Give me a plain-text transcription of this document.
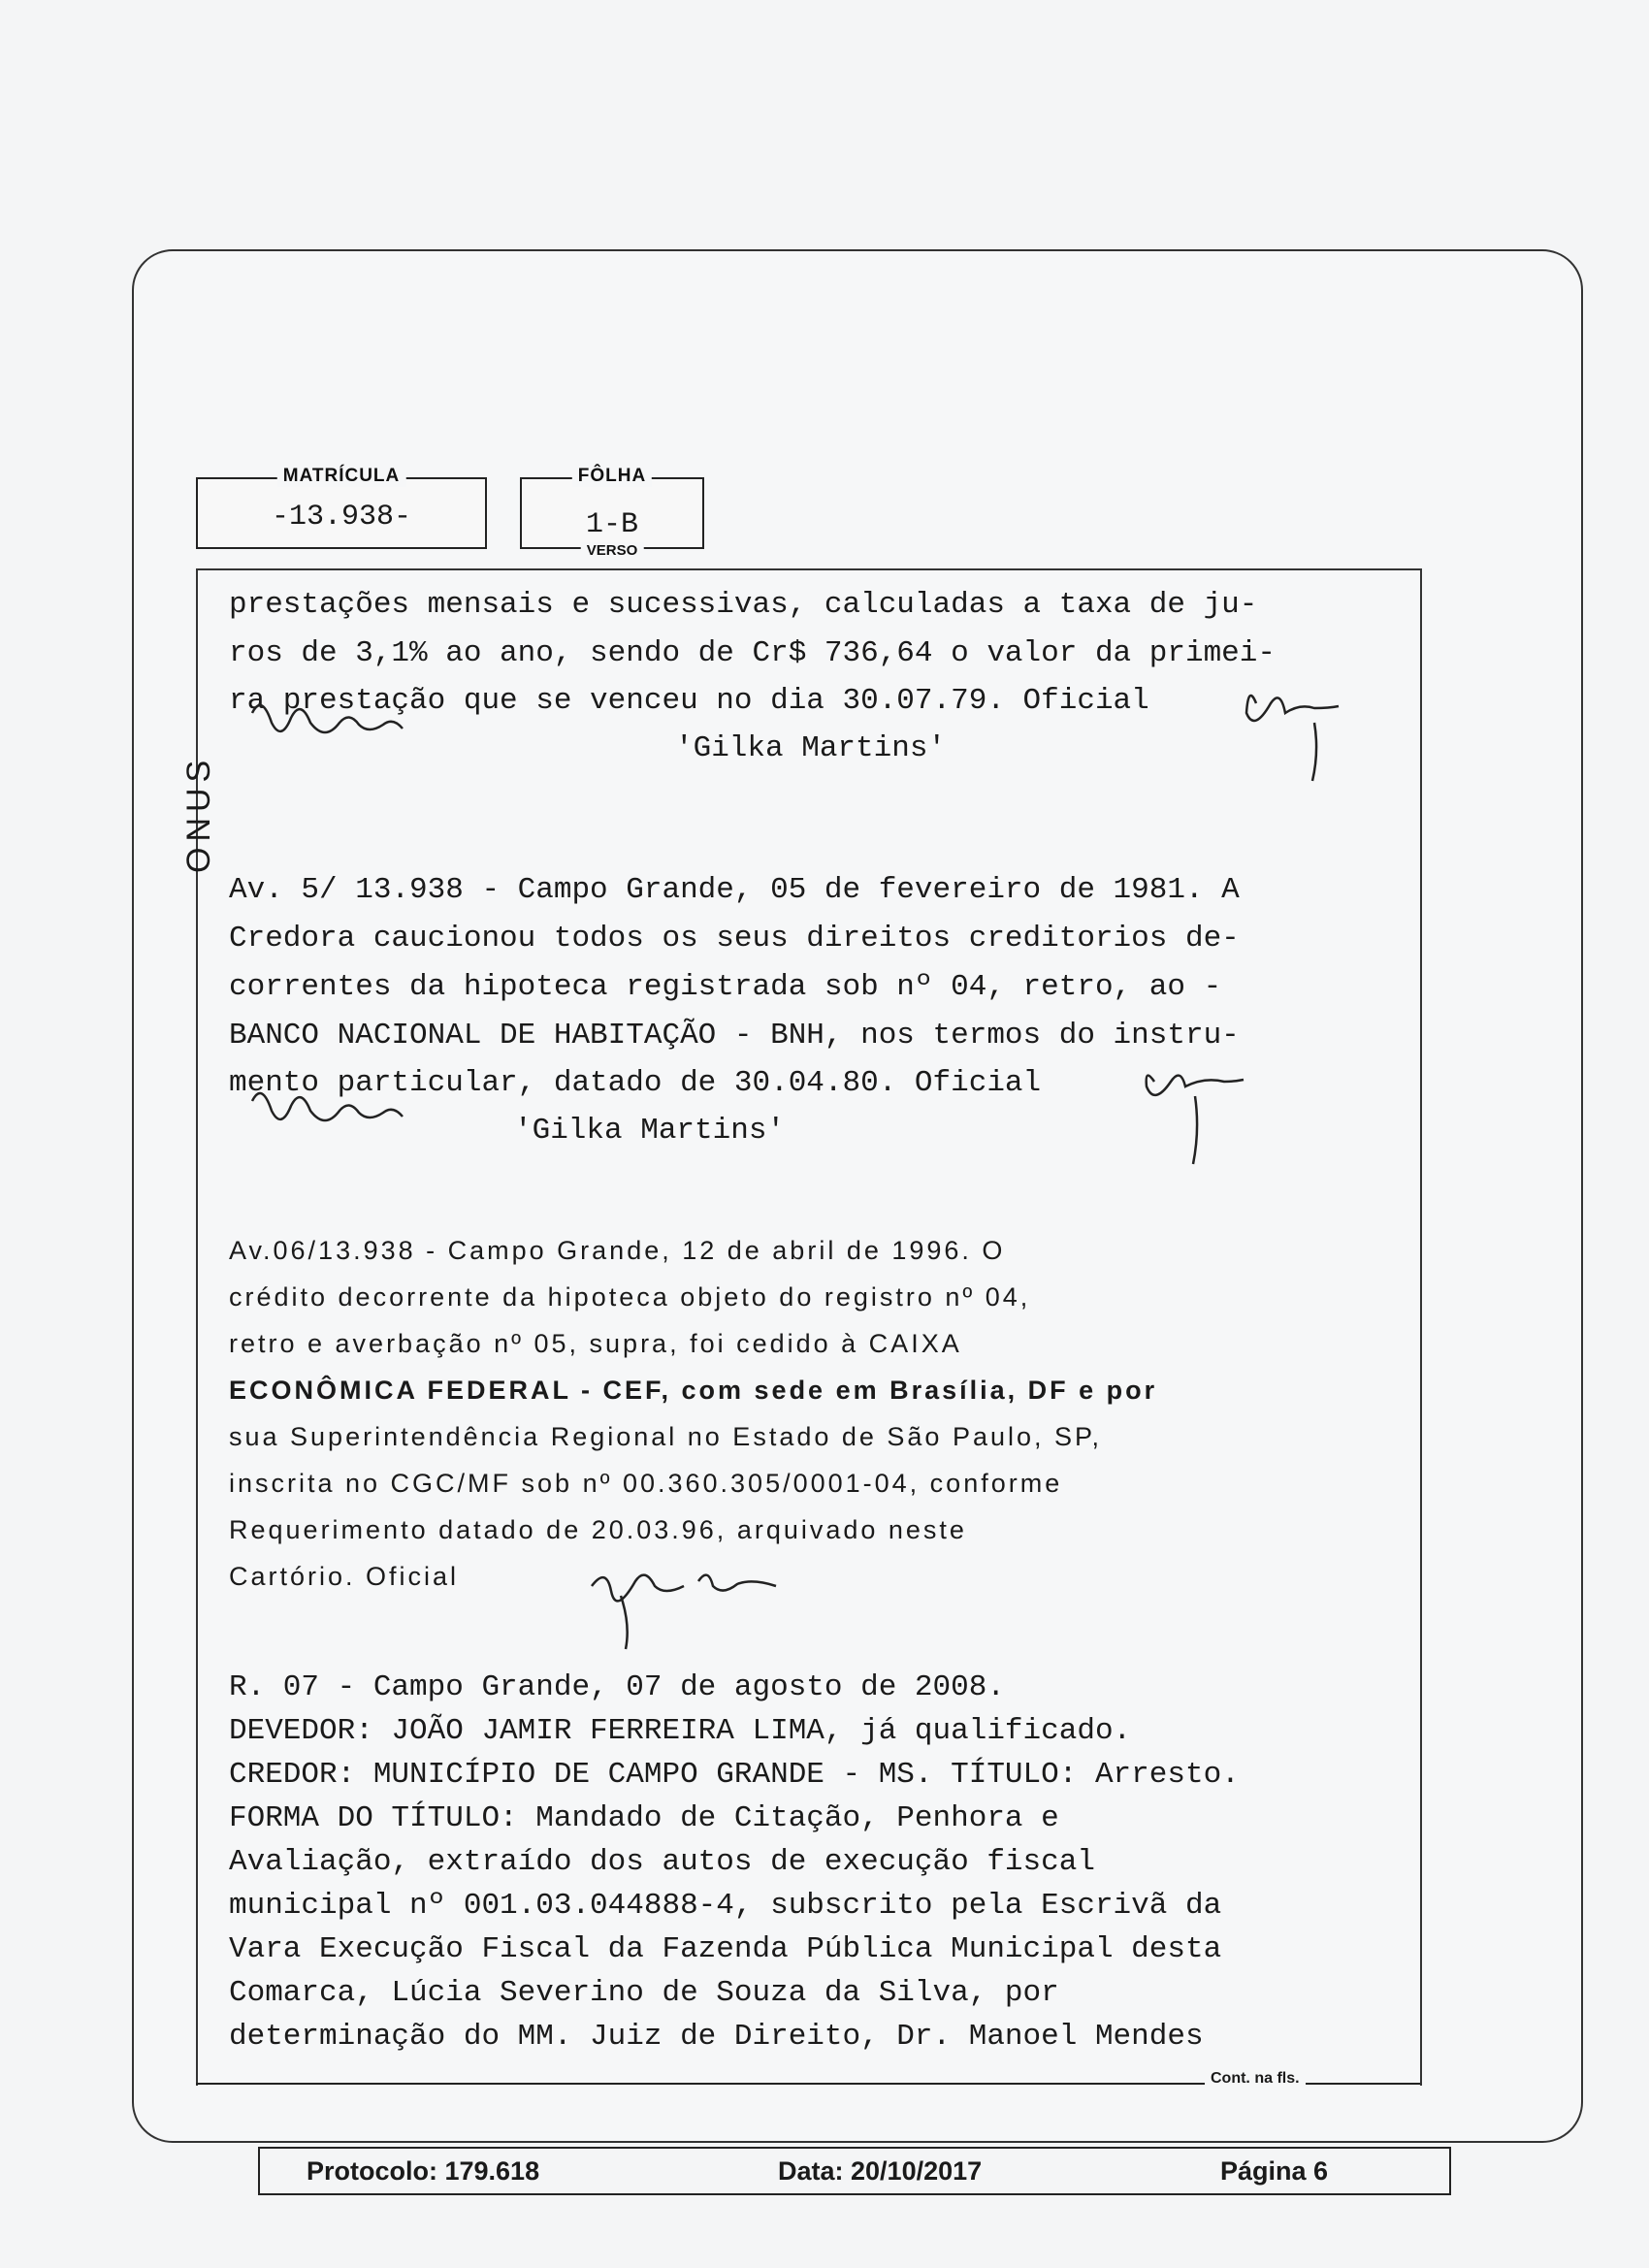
MATRÍCULA
-13.938-
FÔLHA
1-B
VERSO
ONUS
prestações mensais e sucessivas, calculadas a taxa de ju-
ros de 3,1% ao ano, sendo de Cr$ 736,64 o valor da primei-
ra prestação que se venceu no dia 30.07.79. Oficial
'Gilka Martins'
Av. 5/ 13.938 - Campo Grande, 05 de fevereiro de 1981. A
Credora caucionou todos os seus direitos creditorios de-
correntes da hipoteca registrada sob nº 04, retro, ao -
BANCO NACIONAL DE HABITAÇÃO - BNH, nos termos do instru-
mento particular, datado de 30.04.80. Oficial
'Gilka Martins'
Av.06/13.938 - Campo Grande, 12 de abril de 1996. O
crédito decorrente da hipoteca objeto do registro nº 04,
retro e averbação nº 05, supra, foi cedido à CAIXA
ECONÔMICA FEDERAL - CEF, com sede em Brasília, DF e por
sua Superintendência Regional no Estado de São Paulo, SP,
inscrita no CGC/MF sob nº 00.360.305/0001-04, conforme
Requerimento datado de 20.03.96, arquivado neste
Cartório. Oficial
R. 07 - Campo Grande, 07 de agosto de 2008.
DEVEDOR: JOÃO JAMIR FERREIRA LIMA, já qualificado.
CREDOR: MUNICÍPIO DE CAMPO GRANDE - MS. TÍTULO: Arresto.
FORMA DO TÍTULO: Mandado de Citação, Penhora e
Avaliação, extraído dos autos de execução fiscal
municipal nº 001.03.044888-4, subscrito pela Escrivã da
Vara Execução Fiscal da Fazenda Pública Municipal desta
Comarca, Lúcia Severino de Souza da Silva, por
determinação do MM. Juiz de Direito, Dr. Manoel Mendes
Cont. na fls.
Protocolo: 179.618	Data: 20/10/2017	Página 6
